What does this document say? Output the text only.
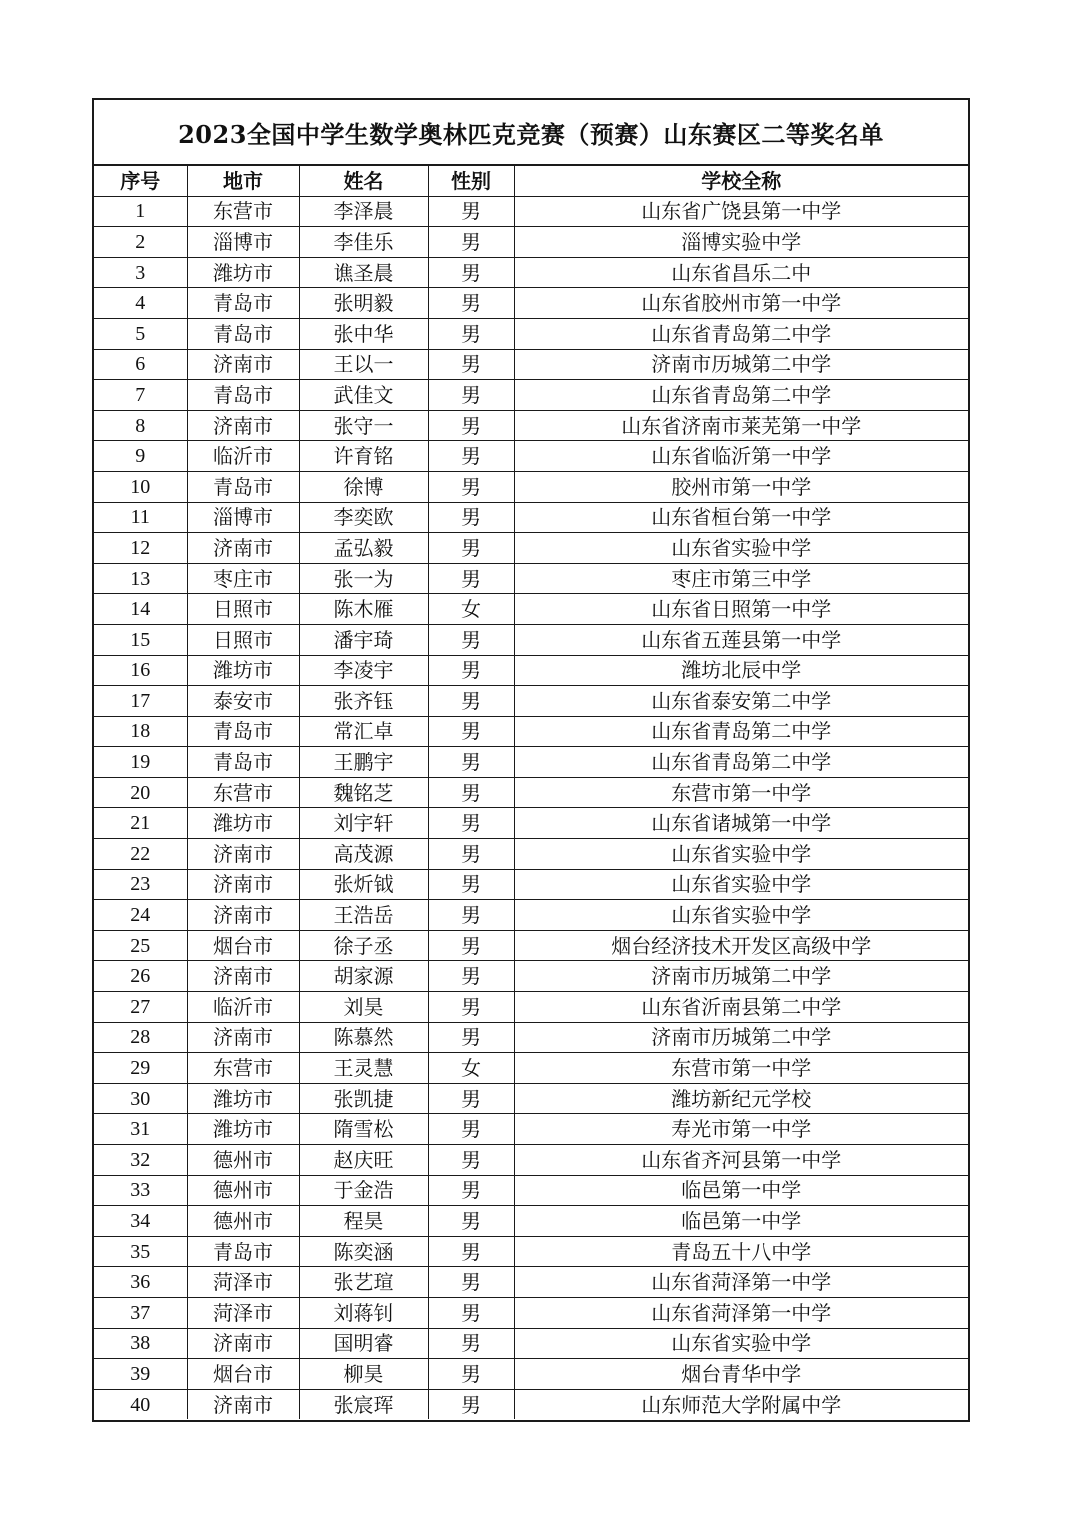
2023全国中学生数学奥林匹克竞赛（预赛）山东赛区二等奖名单
序号	地市	姓名	性别	学校全称
1	东营市	李泽晨	男	山东省广饶县第一中学
2	淄博市	李佳乐	男	淄博实验中学
3	潍坊市	谯圣晨	男	山东省昌乐二中
4	青岛市	张明毅	男	山东省胶州市第一中学
5	青岛市	张中华	男	山东省青岛第二中学
6	济南市	王以一	男	济南市历城第二中学
7	青岛市	武佳文	男	山东省青岛第二中学
8	济南市	张守一	男	山东省济南市莱芜第一中学
9	临沂市	许育铭	男	山东省临沂第一中学
10	青岛市	徐博	男	胶州市第一中学
11	淄博市	李奕欧	男	山东省桓台第一中学
12	济南市	孟弘毅	男	山东省实验中学
13	枣庄市	张一为	男	枣庄市第三中学
14	日照市	陈木雁	女	山东省日照第一中学
15	日照市	潘宇琦	男	山东省五莲县第一中学
16	潍坊市	李凌宇	男	潍坊北辰中学
17	泰安市	张齐钰	男	山东省泰安第二中学
18	青岛市	常汇卓	男	山东省青岛第二中学
19	青岛市	王鹏宇	男	山东省青岛第二中学
20	东营市	魏铭芝	男	东营市第一中学
21	潍坊市	刘宇轩	男	山东省诸城第一中学
22	济南市	高茂源	男	山东省实验中学
23	济南市	张炘钺	男	山东省实验中学
24	济南市	王浩岳	男	山东省实验中学
25	烟台市	徐子丞	男	烟台经济技术开发区高级中学
26	济南市	胡家源	男	济南市历城第二中学
27	临沂市	刘昊	男	山东省沂南县第二中学
28	济南市	陈慕然	男	济南市历城第二中学
29	东营市	王灵慧	女	东营市第一中学
30	潍坊市	张凯捷	男	潍坊新纪元学校
31	潍坊市	隋雪松	男	寿光市第一中学
32	德州市	赵庆旺	男	山东省齐河县第一中学
33	德州市	于金浩	男	临邑第一中学
34	德州市	程昊	男	临邑第一中学
35	青岛市	陈奕涵	男	青岛五十八中学
36	菏泽市	张艺瑄	男	山东省菏泽第一中学
37	菏泽市	刘蒋钊	男	山东省菏泽第一中学
38	济南市	国明睿	男	山东省实验中学
39	烟台市	柳昊	男	烟台青华中学
40	济南市	张宸珲	男	山东师范大学附属中学
